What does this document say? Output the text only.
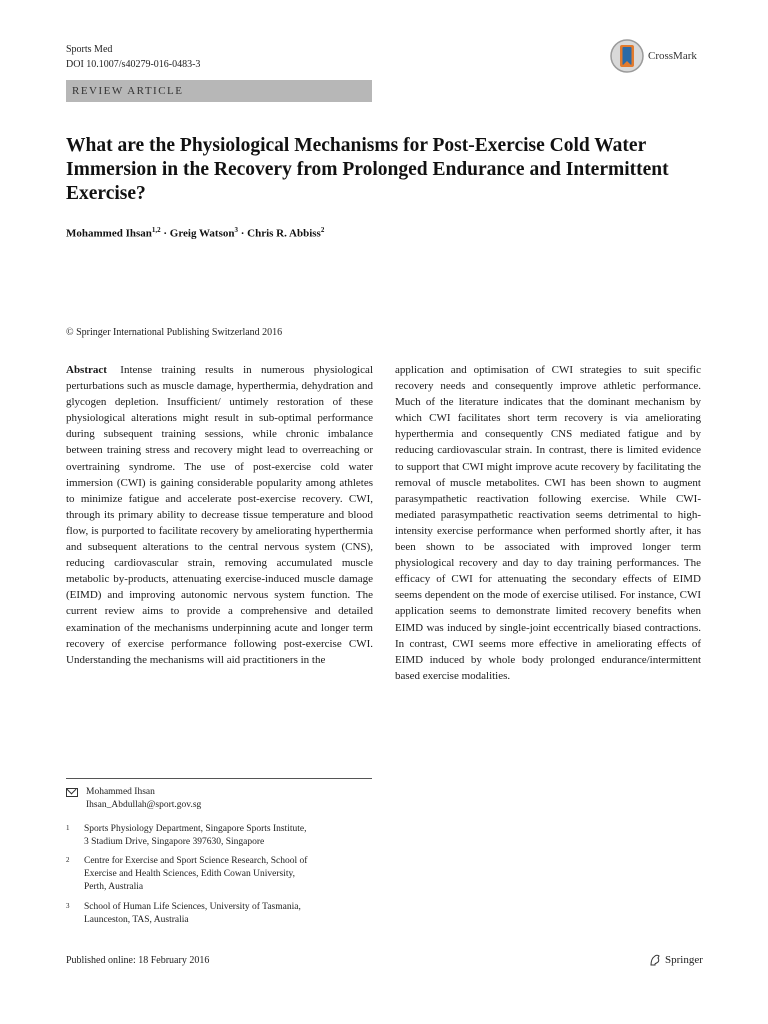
Sports Med
DOI 10.1007/s40279-016-0483-3
CrossMark
REVIEW ARTICLE
What are the Physiological Mechanisms for Post-Exercise Cold Water Immersion in the Recovery from Prolonged Endurance and Intermittent Exercise?
Mohammed Ihsan$^{1,2}$ · Greig Watson$^3$ · Chris R. Abbiss$^2$
© Springer International Publishing Switzerland 2016

Abstract Intense training results in numerous physiological perturbations such as muscle damage, hyperthermia, dehydration and glycogen depletion. Insufficient/ untimely restoration of these physiological alterations might result in sub-optimal performance during subsequent training sessions, while chronic imbalance between training stress and recovery might lead to overreaching or overtraining syndrome. The use of post-exercise cold water immersion (CWI) is gaining considerable popularity among athletes to minimize fatigue and accelerate post-exercise recovery. CWI, through its primary ability to decrease tissue temperature and blood flow, is purported to facilitate recovery by ameliorating hyperthermia and subsequent alterations to the central nervous system (CNS), reducing cardiovascular strain, removing accumulated muscle metabolic by-products, attenuating exercise-induced muscle damage (EIMD) and improving autonomic nervous system function. The current review aims to provide a comprehensive and detailed examination of the mechanisms underpinning acute and longer term recovery of exercise performance following post-exercise CWI. Understanding the mechanisms will aid practitioners in the

application and optimisation of CWI strategies to suit specific recovery needs and consequently improve athletic performance. Much of the literature indicates that the dominant mechanism by which CWI facilitates short term recovery is via ameliorating hyperthermia and consequently CNS mediated fatigue and by reducing cardiovascular strain. In contrast, there is limited evidence to support that CWI might improve acute recovery by facilitating the removal of muscle metabolites. CWI has been shown to augment parasympathetic reactivation following exercise. While CWI-mediated parasympathetic reactivation seems detrimental to high-intensity exercise performance when performed shortly after, it has been shown to be associated with improved longer term physiological recovery and day to day training performances. The efficacy of CWI for attenuating the secondary effects of EIMD seems dependent on the mode of exercise utilised. For instance, CWI application seems to demonstrate limited recovery benefits when EIMD was induced by single-joint eccentrically biased contractions. In contrast, CWI seems more effective in ameliorating effects of EIMD induced by whole body prolonged endurance/intermittent based exercise modalities.

Mohammed Ihsan
Ihsan_Abdullah@sport.gov.sg
1	Sports Physiology Department, Singapore Sports Institute,
3 Stadium Drive, Singapore 397630, Singapore
2	Centre for Exercise and Sport Science Research, School of
Exercise and Health Sciences, Edith Cowan University,
Perth, Australia
3	School of Human Life Sciences, University of Tasmania,
Launceston, TAS, Australia
Published online: 18 February 2016	Springer
